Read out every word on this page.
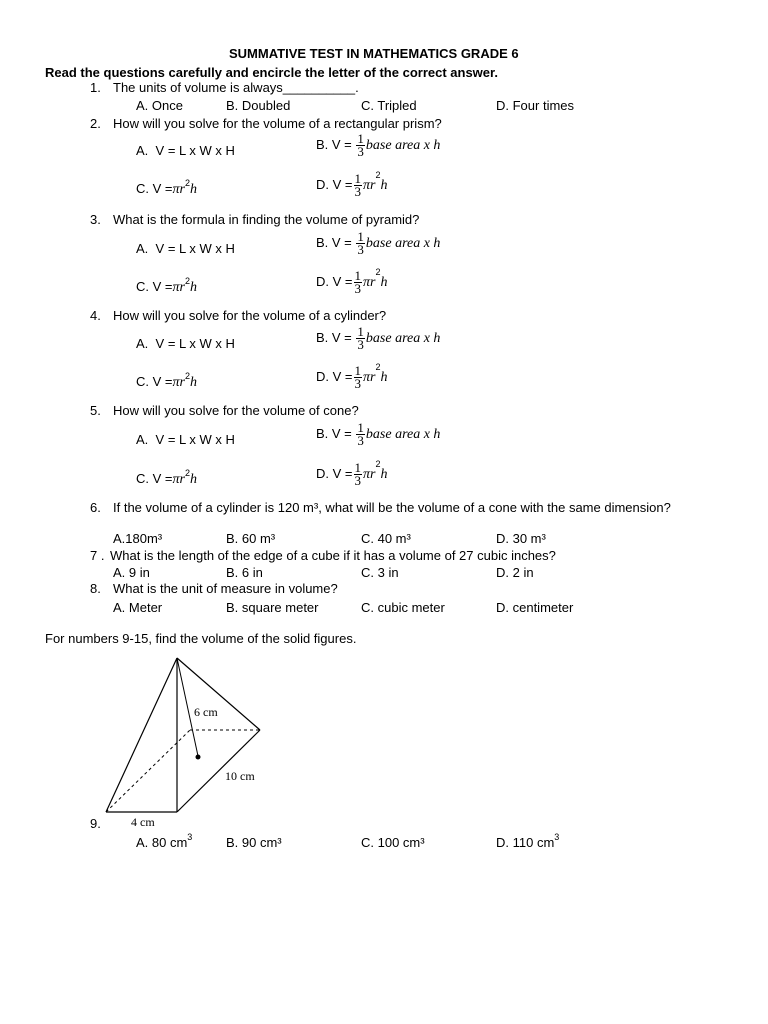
SUMMATIVE TEST IN MATHEMATICS GRADE 6
Read the questions carefully and encircle the letter of the correct answer.
1. The units of volume is always__________.
A. Once	B. Doubled	C. Tripled	D. Four times
2. How will you solve for the volume of a rectangular prism?
A. V = L x W x H	B. $V = \frac{1}{3}$ base area x h
C. $V =\pi r^2h$	D. $V = \frac{1}{3} \pi r^2h$
3. What is the formula in finding the volume of pyramid?
A. V = L x W x H	B. $V = \frac{1}{3}$ base area x h
C. $V =\pi r^2h$	D. $V = \frac{1}{3} \pi r^2h$
4. How will you solve for the volume of a cylinder?
A. V = L x W x H	B. $V = \frac{1}{3}$ base area x h
C. $V =\pi r^2h$	D. $V = \frac{1}{3} \pi r^2h$
5. How will you solve for the volume of cone?
A. V = L x W x H	B. $V = \frac{1}{3}$ base area x h
C. $V =\pi r^2h$	D. $V = \frac{1}{3} \pi r^2h$
6. If the volume of a cylinder is 120 m³, what will be the volume of a cone with the same dimension?
A.180m³	B. 60 m³	C. 40 m³	D. 30 m³
7 . What is the length of the edge of a cube if it has a volume of 27 cubic inches?
A. 9 in	B. 6 in	C. 3 in	D. 2 in
8. What is the unit of measure in volume?
A. Meter	B. square meter	C. cubic meter	D. centimeter
For numbers 9-15, find the volume of the solid figures.
6 cm
10 cm
4 cm
9.
A. 80 $cm^3$	B. 90 cm³	C. 100 cm³	D. 110 $cm^3$
